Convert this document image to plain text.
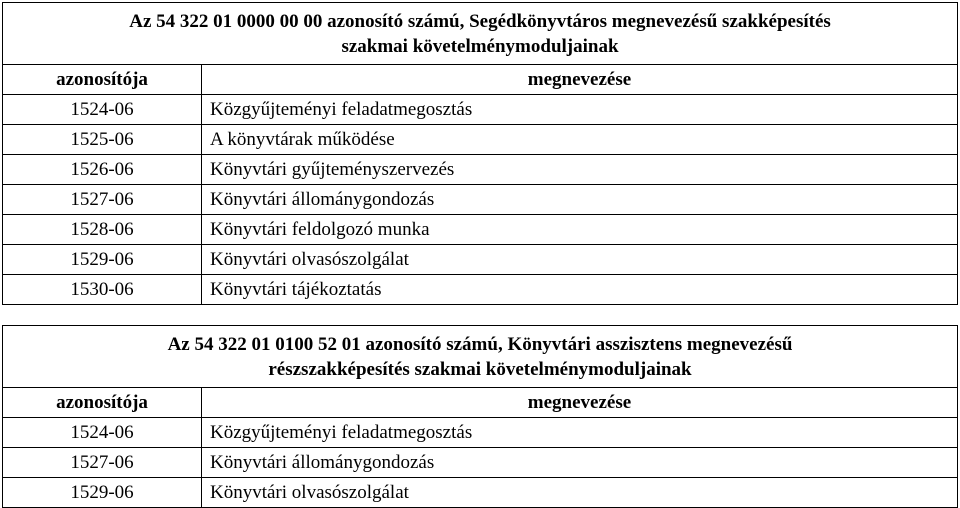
Az 54 322 01 0000 00 00 azonosító számú, Segédkönyvtáros megnevezésű szakképesítés
szakmai követelménymoduljainak	

azonosítója	megnevezése
1524-06	Közgyűjteményi feladatmegosztás
1525-06	A könyvtárak működése
1526-06	Könyvtári gyűjteményszervezés
1527-06	Könyvtári állománygondozás
1528-06	Könyvtári feldolgozó munka
1529-06	Könyvtári olvasószolgálat
1530-06	Könyvtári tájékoztatás
Az 54 322 01 0100 52 01 azonosító számú, Könyvtári asszisztens megnevezésű
részszakképesítés szakmai követelménymoduljainak	

azonosítója	megnevezése
1524-06	Közgyűjteményi feladatmegosztás
1527-06	Könyvtári állománygondozás
1529-06	Könyvtári olvasószolgálat
